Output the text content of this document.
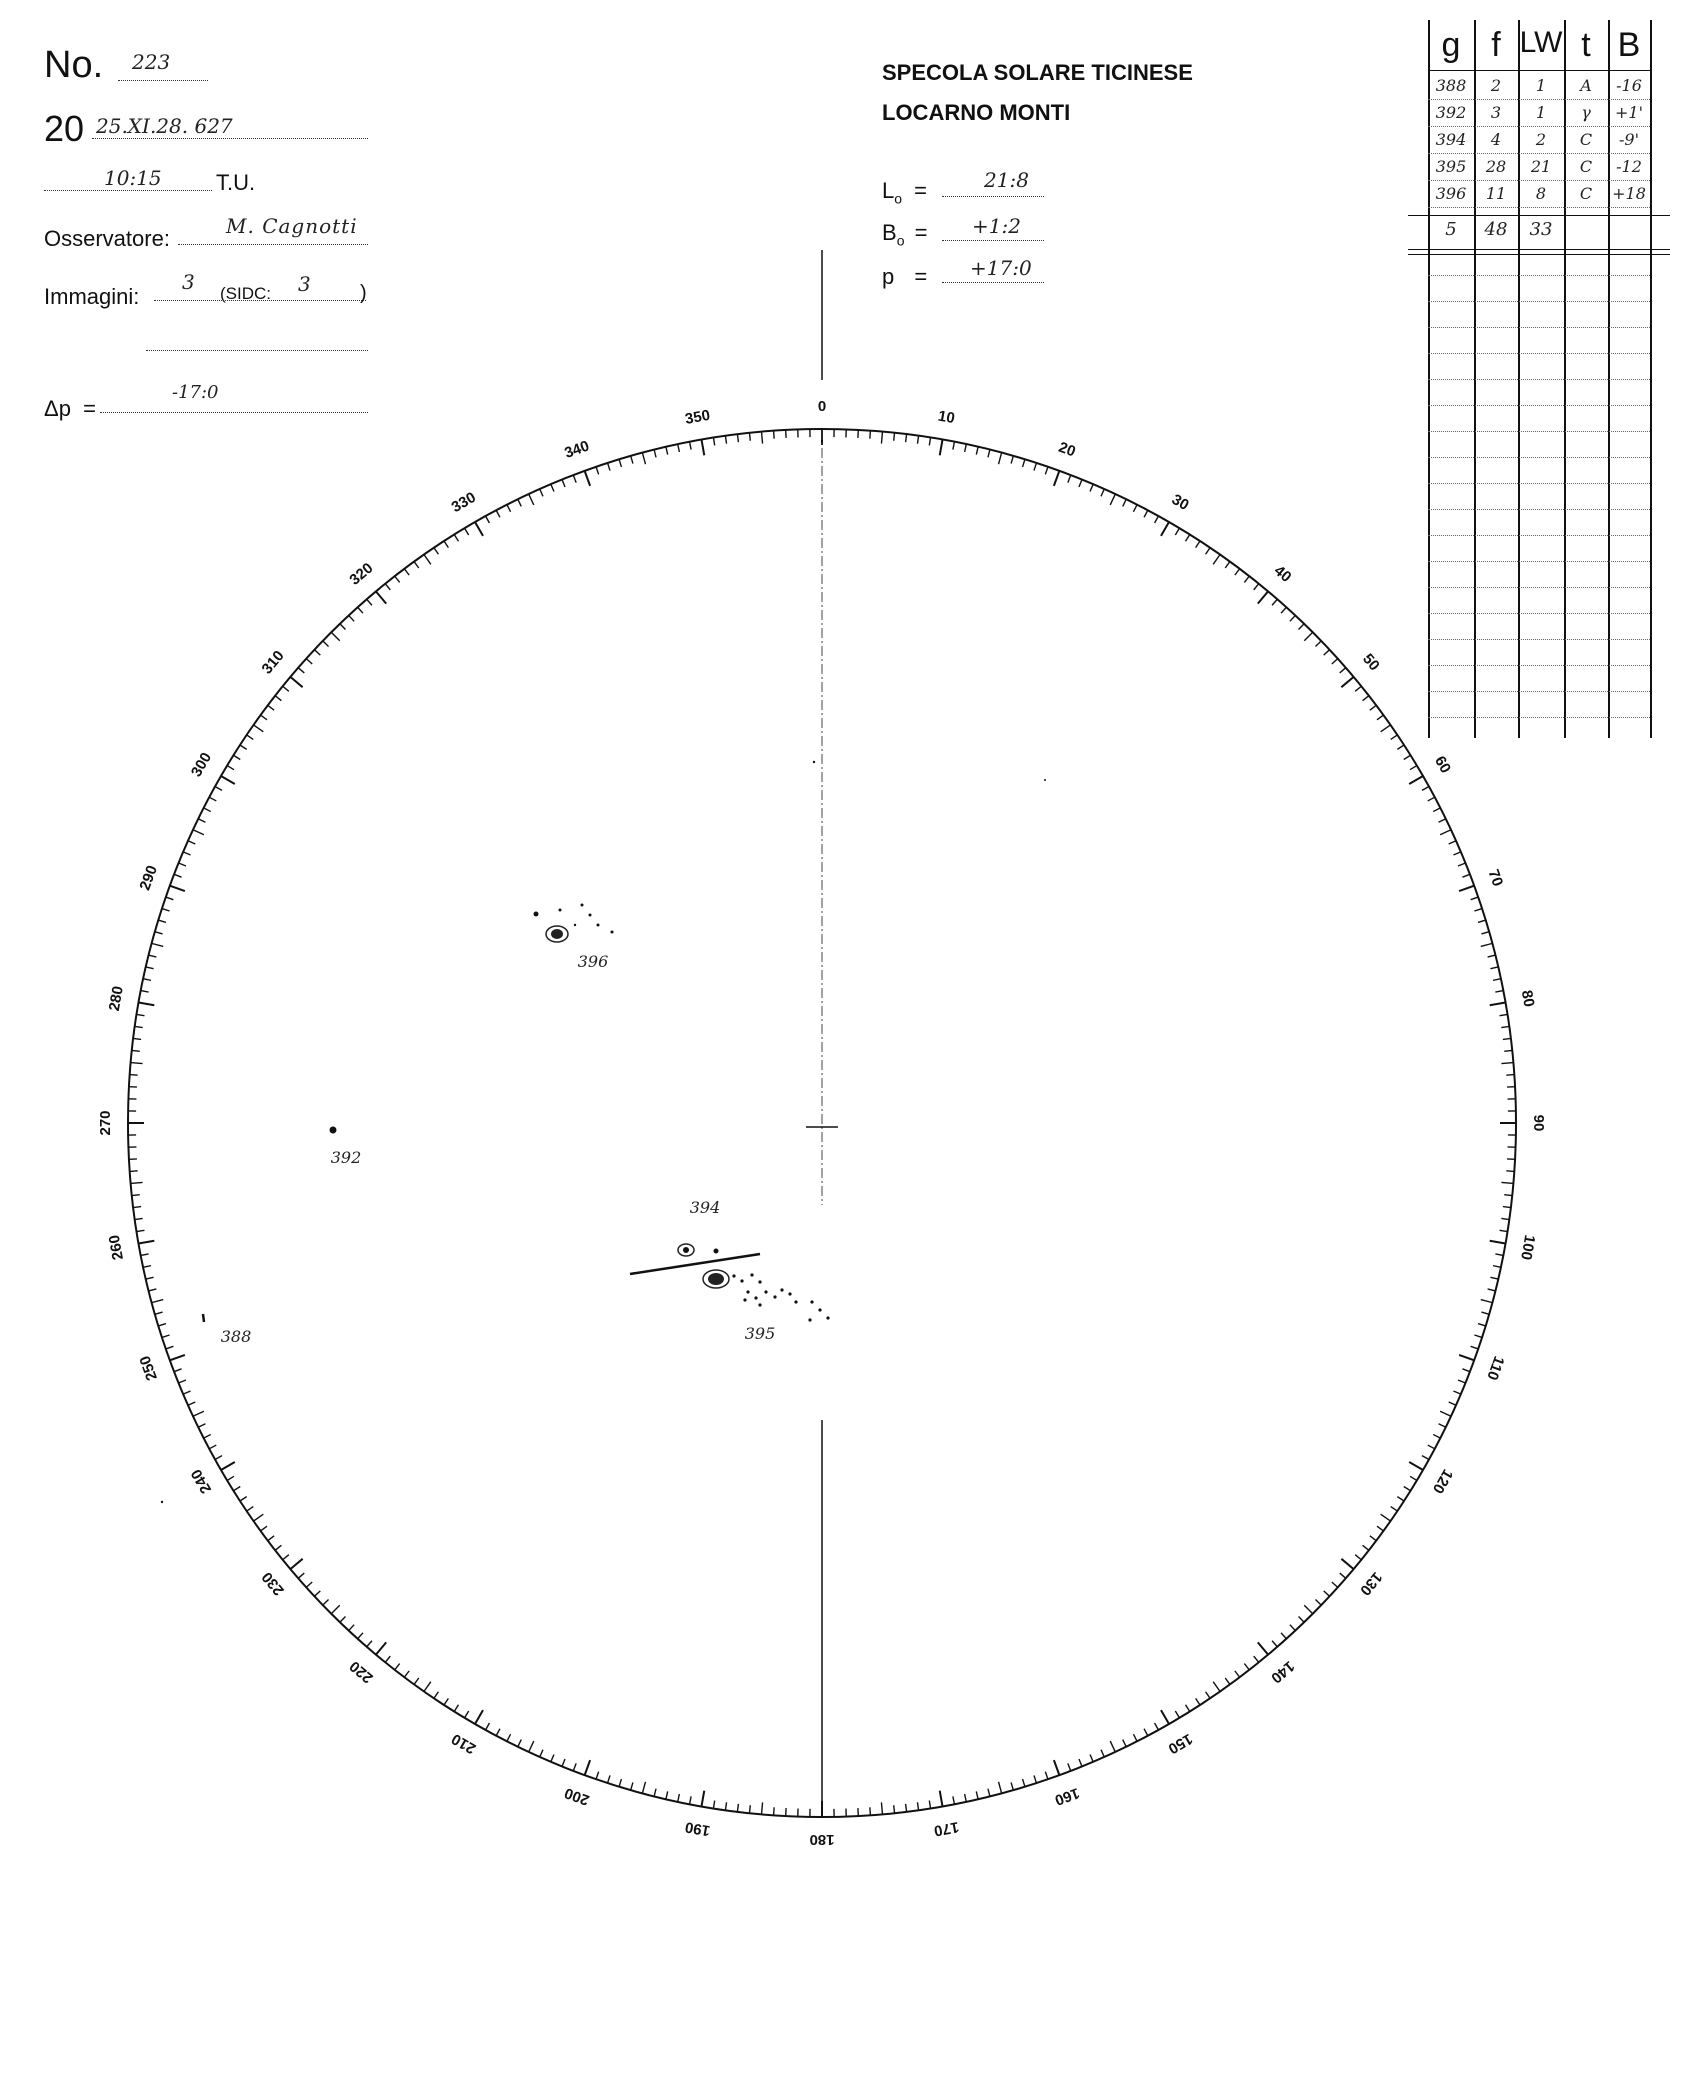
No. 223
20 25.XI.28. 627
10:15 T.U.
Osservatore:	M. Cagnotti
Immagini:
3 (SIDC: 3 )
Δp  =
-17:0
SPECOLA SOLARE TICINESE
LOCARNO MONTI
$L_o$ =	21:8
$B_o$ = +1:2
p = +17:0
g f LW t B
388	2	1	A	-16
392	3	1	γ	+1'
394	4	2	C	-9'
395	28	21	C	-12
396	11	8	C	+18
5	48	33
0
10
20
30
40
50
60
70
80
90
100
110
120
130
140
150
160
170
180
190
200
210
220
230
240
250
260
270
280
290
300
310
320
330
340
350
396
392
394
395
388
